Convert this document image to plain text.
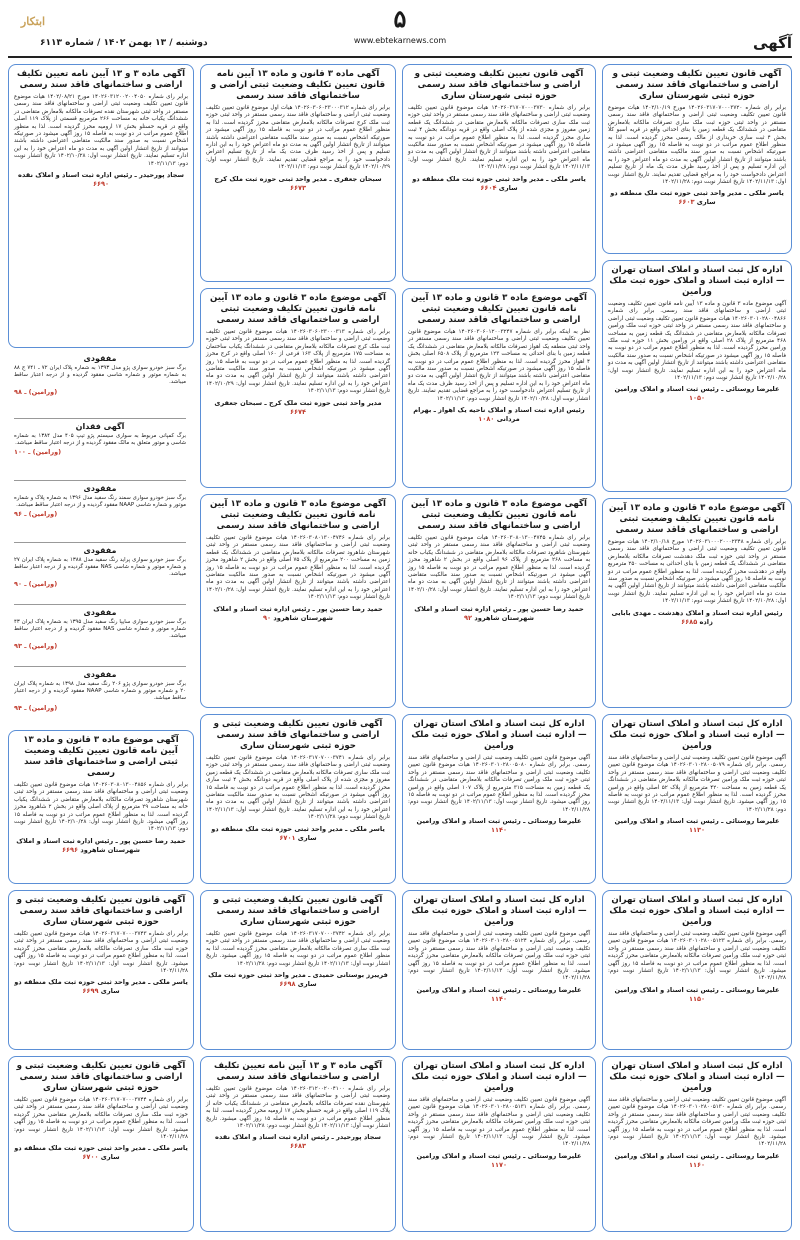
ابتکار	۵
www.ebtekarnews.com
دوشنبه / ۱۳ بهمن ۱۴۰۲ / شماره ۶۱۱۳	آگهی
آگهی قانون تعیین تکلیف وضعیت ثبتی و اراضی و ساختمانهای فاقد سند رسمی حوزه ثبتی شهرستان ساری
برابر رای شماره ۱۴۰۲۶۰۳۱۷۰۷۰۰۰۳۷۲۰ مورخ ۱۴۰۲/۱۰/۱۹ هیات موضوع قانون تعیین تکلیف وضعیت ثبتی اراضی و ساختمانهای فاقد سند رسمی مستقر در واحد ثبتی حوزه ثبت ملک ساری تصرفات مالکانه بلامعارض متقاضی در ششدانگ یک قطعه زمین با بنای احداثی واقع در قریه اسبو کلا بخش ۴ ثبت ساری خریداری از مالک رسمی محرز گردیده است. لذا به منظور اطلاع عموم مراتب در دو نوبت به فاصله ۱۵ روز آگهی میشود در صورتیکه اشخاص نسبت به صدور سند مالکیت متقاضی اعتراضی داشته باشند میتوانند از تاریخ انتشار اولین آگهی به مدت دو ماه اعتراض خود را به این اداره تسلیم و پس از اخذ رسید ظرف مدت یک ماه از تاریخ تسلیم اعتراض دادخواست خود را به مراجع قضایی تقدیم نمایند. تاریخ انتشار نوبت اول: ۱۴۰۲/۱۱/۱۳ تاریخ انتشار نوبت دوم: ۱۴۰۲/۱۱/۲۸
یاسر ملکی ـ مدیر واحد ثبتی حوزه ثبت ملک منطقه دو ساری ۶۶۰۳
آگهی قانون تعیین تکلیف وضعیت ثبتی و اراضی و ساختمانهای فاقد سند رسمی حوزه ثبتی شهرستان ساری
برابر رای شماره ۱۴۰۲۶۰۳۱۷۰۷۰۰۰۳۷۳۰ هیات موضوع قانون تعیین تکلیف وضعیت ثبتی اراضی و ساختمانهای فاقد سند رسمی مستقر در واحد ثبتی حوزه ثبت ملک ساری تصرفات مالکانه بلامعارض متقاضی در ششدانگ یک قطعه زمین مفروز و مجزی شده از پلاک اصلی واقع در قریه دودانگه بخش ۴ ثبت ساری محرز گردیده است. لذا به منظور اطلاع عموم مراتب در دو نوبت به فاصله ۱۵ روز آگهی میشود در صورتیکه اشخاص نسبت به صدور سند مالکیت متقاضی اعتراضی داشته باشند میتوانند از تاریخ انتشار اولین آگهی به مدت دو ماه اعتراض خود را به این اداره تسلیم نمایند. تاریخ انتشار نوبت اول: ۱۴۰۲/۱۱/۱۳ تاریخ انتشار نوبت دوم: ۱۴۰۲/۱۱/۲۸
یاسر ملکی ـ مدیر واحد ثبتی حوزه ثبت ملک منطقه دو ساری ۶۶۰۴
آگهی ماده ۳ قانون و ماده ۱۳ آیین نامه قانون تعیین تکلیف وضعیت ثبتی اراضی و ساختمانهای فاقد سند رسمی
برابر رای شماره ۱۴۰۲۶۰۳۰۶۰۲۳۰۰۰۳۱۲ هیات اول موضوع قانون تعیین تکلیف وضعیت ثبتی اراضی و ساختمانهای فاقد سند رسمی مستقر در واحد ثبتی حوزه ثبت ملک کرج تصرفات مالکانه بلامعارض متقاضی محرز گردیده است. لذا به منظور اطلاع عموم مراتب در دو نوبت به فاصله ۱۵ روز آگهی میشود در صورتیکه اشخاص نسبت به صدور سند مالکیت متقاضی اعتراضی داشته باشند میتوانند از تاریخ انتشار اولین آگهی به مدت دو ماه اعتراض خود را به این اداره تسلیم و پس از اخذ رسید ظرف مدت یک ماه از تاریخ تسلیم اعتراض دادخواست خود را به مراجع قضایی تقدیم نمایند. تاریخ انتشار نوبت اول: ۱۴۰۲/۱۰/۲۹ تاریخ انتشار نوبت دوم: ۱۴۰۲/۱۱/۱۳
سبحان جعفری ـ مدیر واحد ثبتی حوزه ثبت ملک کرج ۶۶۷۳
آگهی ماده ۳ و ۱۳ آیین نامه تعیین تکلیف اراضی و ساختمانهای فاقد سند رسمی
برابر رای شماره ۱۴۰۲۶۰۳۱۲۰۰۲۰۰۴۰۵۰ مورخ ۱۴۰۲/۰۸/۲۱ هیات موضوع قانون تعیین تکلیف وضعیت ثبتی اراضی و ساختمانهای فاقد سند رسمی مستقر در واحد ثبتی شهرستان نقده تصرفات مالکانه بلامعارض متقاضی در ششدانگ یکباب خانه به مساحت ۲۶۶ مترمربع قسمتی از پلاک ۱۱۹ اصلی واقع در قریه حسنلو بخش ۱۷ ارومیه محرز گردیده است. لذا به منظور اطلاع عموم مراتب در دو نوبت به فاصله ۱۵ روز آگهی میشود در صورتیکه اشخاص نسبت به صدور سند مالکیت متقاضی اعتراضی داشته باشند میتوانند از تاریخ انتشار اولین آگهی به مدت دو ماه اعتراض خود را به این اداره تسلیم نمایند. تاریخ انتشار نوبت اول: ۱۴۰۲/۱۰/۲۸ تاریخ انتشار نوبت دوم: ۱۴۰۲/۱۱/۱۳
سجاد پورحیدر ـ رئیس اداره ثبت اسناد و املاک نقده ۶۶۹۰
اداره کل ثبت اسناد و املاک استان تهران — اداره ثبت اسناد و املاک حوزه ثبت ملک ورامین
آگهی موضوع ماده ۳ قانون و ماده ۱۳ آیین نامه قانون تعیین تکلیف وضعیت ثبتی اراضی و ساختمانهای فاقد سند رسمی. برابر رای شماره ۱۴۰۲۶۰۳۰۱۰۲۸۰۰۴۸۶۶ هیات موضوع قانون تعیین تکلیف وضعیت ثبتی اراضی و ساختمانهای فاقد سند رسمی مستقر در واحد ثبتی حوزه ثبت ملک ورامین تصرفات مالکانه بلامعارض متقاضی در ششدانگ یک قطعه زمین به مساحت ۴۶۸ مترمربع از پلاک ۲۸ اصلی واقع در ورامین بخش ۱۱ حوزه ثبت ملک ورامین محرز گردیده است. لذا به منظور اطلاع عموم مراتب در دو نوبت به فاصله ۱۵ روز آگهی میشود در صورتیکه اشخاص نسبت به صدور سند مالکیت متقاضی اعتراضی داشته باشند میتوانند از تاریخ انتشار اولین آگهی به مدت دو ماه اعتراض خود را به این اداره تسلیم نمایند. تاریخ انتشار نوبت اول: ۱۴۰۲/۱۰/۲۸ تاریخ انتشار نوبت دوم: ۱۴۰۲/۱۱/۱۳
علیرضا روستائی ـ رئیس ثبت اسناد و املاک ورامین ۱۰۵۰
آگهی موضوع ماده ۳ قانون و ماده ۱۳ آیین نامه قانون تعیین تکلیف وضعیت ثبتی اراضی و ساختمانهای فاقد سند رسمی
نظر به اینکه برابر رای شماره ۱۴۰۲۶۰۳۰۶۰۱۲۰۰۳۲۴۷ هیات موضوع قانون تعیین تکلیف وضعیت ثبتی اراضی و ساختمانهای فاقد سند رسمی مستقر در واحد ثبتی منطقه یک اهواز تصرفات مالکانه بلامعارض متقاضی در ششدانگ یک قطعه زمین با بنای احداثی به مساحت ۱۲۳ مترمربع از پلاک ۶۵۰۸ اصلی بخش ۴ اهواز محرز گردیده است. لذا به منظور اطلاع عموم مراتب در دو نوبت به فاصله ۱۵ روز آگهی میشود در صورتیکه اشخاص نسبت به صدور سند مالکیت متقاضی اعتراضی داشته باشند میتوانند از تاریخ انتشار اولین آگهی به مدت دو ماه اعتراض خود را به این اداره تسلیم و پس از اخذ رسید ظرف مدت یک ماه از تاریخ تسلیم اعتراض دادخواست خود را به مراجع قضایی تقدیم نمایند. تاریخ انتشار نوبت اول: ۱۴۰۲/۱۰/۲۸ تاریخ انتشار نوبت دوم: ۱۴۰۲/۱۱/۱۳
رئیس اداره ثبت اسناد و املاک ناحیه یک اهواز ـ بهرام مردانی ۱۰۸۰
آگهی موضوع ماده ۳ قانون و ماده ۱۳ آیین نامه قانون تعیین تکلیف وضعیت ثبتی اراضی و ساختمانهای فاقد سند رسمی
برابر رای شماره ۱۴۰۲۶۰۳۰۶۰۲۳۰۰۰۳۱۳ هیات موضوع قانون تعیین تکلیف وضعیت ثبتی اراضی و ساختمانهای فاقد سند رسمی مستقر در واحد ثبتی حوزه ثبت ملک کرج تصرفات مالکانه بلامعارض متقاضی در ششدانگ یکباب ساختمان به مساحت ۱۷۵ مترمربع از پلاک ۱۶۳ فرعی از ۱۶۰ اصلی واقع در کرج محرز گردیده است. لذا به منظور اطلاع عموم مراتب در دو نوبت به فاصله ۱۵ روز آگهی میشود در صورتیکه اشخاص نسبت به صدور سند مالکیت متقاضی اعتراضی داشته باشند میتوانند از تاریخ انتشار اولین آگهی به مدت دو ماه اعتراض خود را به این اداره تسلیم نمایند. تاریخ انتشار نوبت اول: ۱۴۰۲/۱۰/۲۹ تاریخ انتشار نوبت دوم: ۱۴۰۲/۱۱/۱۳
مدیر واحد ثبتی حوزه ثبت ملک کرج ـ سبحان جعفری ۶۶۷۴
مفقودی
برگ سبز خودرو سواری پژو مدل ۱۳۹۳ به شماره پلاک ایران ۷۲ ـ ۷۴۱ ج ۸۸ به شماره موتور و شماره شاسی مفقود گردیده و از درجه اعتبار ساقط میباشد.
(ورامین) ـ ۹۸
آگهی فقدان
برگ کمپانی مربوط به سواری سیستم پژو تیپ ۴۰۵ مدل ۱۳۸۴ به شماره شاسی و موتور متعلق به مالک مفقود گردیده و از درجه اعتبار ساقط میباشد.
(ورامین) ـ ۱۰۰
مفقودی
برگ سبز خودرو سواری سمند رنگ سفید مدل ۱۳۹۶ به شماره پلاک و شماره موتور و شماره شاسی NAAP مفقود گردیده و از درجه اعتبار ساقط میباشد.
(ورامین) ـ ۹۶
مفقودی
برگ سبز خودرو سواری پراید رنگ سفید مدل ۱۳۸۸ به شماره پلاک ایران ۲۷ و شماره موتور و شماره شاسی NAS مفقود گردیده و از درجه اعتبار ساقط میباشد.
(ورامین) ـ ۹۰
مفقودی
برگ سبز خودرو سواری سایپا رنگ سفید مدل ۱۳۹۵ به شماره پلاک ایران ۴۳ شماره موتور و شماره شاسی NAS مفقود گردیده و از درجه اعتبار ساقط میباشد.
(ورامین) ـ ۹۳
مفقودی
برگ سبز خودرو سواری پژو ۲۰۶ رنگ سفید مدل ۱۳۹۸ به شماره پلاک ایران ۲۰ و شماره موتور و شماره شاسی NAAP مفقود گردیده و از درجه اعتبار ساقط میباشد.
(ورامین) ـ ۹۴
آگهی موضوع ماده ۳ قانون و ماده ۱۳ آیین نامه قانون تعیین تکلیف وضعیت ثبتی اراضی و ساختمانهای فاقد سند رسمی
برابر رای شماره ۱۴۰۲۶۰۳۱۰۰۰۲۰۰۰۲۳۴۸ مورخ ۱۴۰۲/۱۰/۱۸ هیات موضوع قانون تعیین تکلیف وضعیت ثبتی اراضی و ساختمانهای فاقد سند رسمی مستقر در واحد ثبتی حوزه ثبت ملک دهدشت تصرفات مالکانه بلامعارض متقاضی در ششدانگ یک قطعه زمین با بنای احداثی به مساحت ۲۵۰ مترمربع واقع در دهدشت محرز گردیده است. لذا به منظور اطلاع عموم مراتب در دو نوبت به فاصله ۱۵ روز آگهی میشود در صورتیکه اشخاص نسبت به صدور سند مالکیت متقاضی اعتراضی داشته باشند میتوانند از تاریخ انتشار اولین آگهی به مدت دو ماه اعتراض خود را به این اداره تسلیم نمایند. تاریخ انتشار نوبت اول: ۱۴۰۲/۱۰/۲۸ تاریخ انتشار نوبت دوم: ۱۴۰۲/۱۱/۱۳
رئیس اداره ثبت اسناد و املاک دهدشت ـ مهدی بابایی زاده ۶۶۸۵
آگهی موضوع ماده ۳ قانون و ماده ۱۳ آیین نامه قانون تعیین تکلیف وضعیت ثبتی اراضی و ساختمانهای فاقد سند رسمی
برابر رای شماره ۱۴۰۲۶۰۳۰۸۰۱۳۰۰۴۷۴۵ هیات موضوع قانون تعیین تکلیف وضعیت ثبتی اراضی و ساختمانهای فاقد سند رسمی مستقر در واحد ثبتی شهرستان شاهرود تصرفات مالکانه بلامعارض متقاضی در ششدانگ یکباب خانه به مساحت ۲۶۸ مترمربع از پلاک ۹۶ اصلی واقع در بخش ۲ شاهرود محرز گردیده است. لذا به منظور اطلاع عموم مراتب در دو نوبت به فاصله ۱۵ روز آگهی میشود در صورتیکه اشخاص نسبت به صدور سند مالکیت متقاضی اعتراضی داشته باشند میتوانند از تاریخ انتشار اولین آگهی به مدت دو ماه اعتراض خود را به این اداره تسلیم نمایند. تاریخ انتشار نوبت اول: ۱۴۰۲/۱۰/۲۸ تاریخ انتشار نوبت دوم: ۱۴۰۲/۱۱/۱۳
حمید رضا حسین پور ـ رئیس اداره ثبت اسناد و املاک شهرستان شاهرود ۹۲
آگهی موضوع ماده ۳ قانون و ماده ۱۳ آیین نامه قانون تعیین تکلیف وضعیت ثبتی اراضی و ساختمانهای فاقد سند رسمی
برابر رای شماره ۱۴۰۲۶۰۳۰۸۰۱۳۰۰۴۷۴۶ هیات موضوع قانون تعیین تکلیف وضعیت ثبتی اراضی و ساختمانهای فاقد سند رسمی مستقر در واحد ثبتی شهرستان شاهرود تصرفات مالکانه بلامعارض متقاضی در ششدانگ یک قطعه زمین به مساحت ۲۰۰ مترمربع از پلاک ۷۵ اصلی واقع در بخش ۲ شاهرود محرز گردیده است. لذا به منظور اطلاع عموم مراتب در دو نوبت به فاصله ۱۵ روز آگهی میشود در صورتیکه اشخاص نسبت به صدور سند مالکیت متقاضی اعتراضی داشته باشند میتوانند از تاریخ انتشار اولین آگهی به مدت دو ماه اعتراض خود را به این اداره تسلیم نمایند. تاریخ انتشار نوبت اول: ۱۴۰۲/۱۰/۲۸ تاریخ انتشار نوبت دوم: ۱۴۰۲/۱۱/۱۳
حمید رضا حسین پور ـ رئیس اداره ثبت اسناد و املاک شهرستان شاهرود ۹۰
اداره کل ثبت اسناد و املاک استان تهران — اداره ثبت اسناد و املاک حوزه ثبت ملک ورامین
آگهی موضوع قانون تعیین تکلیف وضعیت ثبتی اراضی و ساختمانهای فاقد سند رسمی. برابر رای شماره ۱۴۰۲۶۰۳۰۱۰۲۸۰۰۵۰۷۹ هیات موضوع قانون تعیین تکلیف وضعیت ثبتی اراضی و ساختمانهای فاقد سند رسمی مستقر در واحد ثبتی حوزه ثبت ملک ورامین تصرفات مالکانه بلامعارض متقاضی در ششدانگ یک قطعه زمین به مساحت ۴۲۰ مترمربع از پلاک ۵۲ اصلی واقع در ورامین محرز گردیده است. لذا به منظور اطلاع عموم مراتب در دو نوبت به فاصله ۱۵ روز آگهی میشود. تاریخ انتشار نوبت اول: ۱۴۰۲/۱۱/۱۳ تاریخ انتشار نوبت دوم: ۱۴۰۲/۱۱/۲۸
علیرضا روستائی ـ رئیس ثبت اسناد و املاک ورامین ۱۱۳۰
اداره کل ثبت اسناد و املاک استان تهران — اداره ثبت اسناد و املاک حوزه ثبت ملک ورامین
آگهی موضوع قانون تعیین تکلیف وضعیت ثبتی اراضی و ساختمانهای فاقد سند رسمی. برابر رای شماره ۱۴۰۲۶۰۳۰۱۰۲۸۰۰۵۰۸۰ هیات موضوع قانون تعیین تکلیف وضعیت ثبتی اراضی و ساختمانهای فاقد سند رسمی مستقر در واحد ثبتی حوزه ثبت ملک ورامین تصرفات مالکانه بلامعارض متقاضی در ششدانگ یک قطعه زمین به مساحت ۳۱۵ مترمربع از پلاک ۱۰۷ اصلی واقع در ورامین محرز گردیده است. لذا به منظور اطلاع عموم مراتب در دو نوبت به فاصله ۱۵ روز آگهی میشود. تاریخ انتشار نوبت اول: ۱۴۰۲/۱۱/۱۳ تاریخ انتشار نوبت دوم: ۱۴۰۲/۱۱/۲۸
علیرضا روستائی ـ رئیس ثبت اسناد و املاک ورامین ۱۱۴۰
آگهی قانون تعیین تکلیف وضعیت ثبتی و اراضی و ساختمانهای فاقد سند رسمی حوزه ثبتی شهرستان ساری
برابر رای شماره ۱۴۰۲۶۰۳۱۷۰۷۰۰۰۳۷۴۱ هیات موضوع قانون تعیین تکلیف وضعیت ثبتی اراضی و ساختمانهای فاقد سند رسمی مستقر در واحد ثبتی حوزه ثبت ملک ساری تصرفات مالکانه بلامعارض متقاضی در ششدانگ یک قطعه زمین مفروز و مجزی شده از پلاک اصلی واقع در قریه دودانگه بخش ۴ ثبت ساری محرز گردیده است. لذا به منظور اطلاع عموم مراتب در دو نوبت به فاصله ۱۵ روز آگهی میشود در صورتیکه اشخاص نسبت به صدور سند مالکیت متقاضی اعتراضی داشته باشند میتوانند از تاریخ انتشار اولین آگهی به مدت دو ماه اعتراض خود را به این اداره تسلیم نمایند. تاریخ انتشار نوبت اول: ۱۴۰۲/۱۱/۱۳ تاریخ انتشار نوبت دوم: ۱۴۰۲/۱۱/۲۸
یاسر ملکی ـ مدیر واحد ثبتی حوزه ثبت ملک منطقه دو ساری ۶۷۰۱
آگهی موضوع ماده ۳ قانون و ماده ۱۳ آیین نامه قانون تعیین تکلیف وضعیت ثبتی اراضی و ساختمانهای فاقد سند رسمی
برابر رای شماره ۱۴۰۲۶۰۳۰۸۰۱۳۰۰۴۸۵۶ هیات موضوع قانون تعیین تکلیف وضعیت ثبتی اراضی و ساختمانهای فاقد سند رسمی مستقر در واحد ثبتی شهرستان شاهرود تصرفات مالکانه بلامعارض متقاضی در ششدانگ یکباب خانه به مساحت ۲۹ مترمربع از پلاک اصلی واقع در بخش ۲ شاهرود محرز گردیده است. لذا به منظور اطلاع عموم مراتب در دو نوبت به فاصله ۱۵ روز آگهی میشود. تاریخ انتشار نوبت اول: ۱۴۰۲/۱۰/۲۸ تاریخ انتشار نوبت دوم: ۱۴۰۲/۱۱/۱۳
حمید رضا حسین پور ـ رئیس اداره ثبت اسناد و املاک شهرستان شاهرود ۶۶۹۶
اداره کل ثبت اسناد و املاک استان تهران — اداره ثبت اسناد و املاک حوزه ثبت ملک ورامین
آگهی موضوع قانون تعیین تکلیف وضعیت ثبتی اراضی و ساختمانهای فاقد سند رسمی. برابر رای شماره ۱۴۰۲۶۰۳۰۱۰۲۸۰۰۵۱۲۳ هیات موضوع قانون تعیین تکلیف وضعیت ثبتی اراضی و ساختمانهای فاقد سند رسمی مستقر در واحد ثبتی حوزه ثبت ملک ورامین تصرفات مالکانه بلامعارض متقاضی محرز گردیده است. لذا به منظور اطلاع عموم مراتب در دو نوبت به فاصله ۱۵ روز آگهی میشود. تاریخ انتشار نوبت اول: ۱۴۰۲/۱۱/۱۳ تاریخ انتشار نوبت دوم: ۱۴۰۲/۱۱/۲۸
علیرضا روستائی ـ رئیس ثبت اسناد و املاک ورامین ۱۱۵۰
اداره کل ثبت اسناد و املاک استان تهران — اداره ثبت اسناد و املاک حوزه ثبت ملک ورامین
آگهی موضوع قانون تعیین تکلیف وضعیت ثبتی اراضی و ساختمانهای فاقد سند رسمی. برابر رای شماره ۱۴۰۲۶۰۳۰۱۰۲۸۰۰۵۱۲۴ هیات موضوع قانون تعیین تکلیف وضعیت ثبتی اراضی و ساختمانهای فاقد سند رسمی مستقر در واحد ثبتی حوزه ثبت ملک ورامین تصرفات مالکانه بلامعارض متقاضی محرز گردیده است. لذا به منظور اطلاع عموم مراتب در دو نوبت به فاصله ۱۵ روز آگهی میشود. تاریخ انتشار نوبت اول: ۱۴۰۲/۱۱/۱۳ تاریخ انتشار نوبت دوم: ۱۴۰۲/۱۱/۲۸
علیرضا روستائی ـ رئیس ثبت اسناد و املاک ورامین ۱۱۴۰
آگهی قانون تعیین تکلیف وضعیت ثبتی و اراضی و ساختمانهای فاقد سند رسمی حوزه ثبتی شهرستان ساری
برابر رای شماره ۱۴۰۲۶۰۳۱۷۰۷۰۰۰۳۷۴۲ هیات موضوع قانون تعیین تکلیف وضعیت ثبتی اراضی و ساختمانهای فاقد سند رسمی مستقر در واحد ثبتی حوزه ثبت ملک ساری تصرفات مالکانه بلامعارض متقاضی محرز گردیده است. لذا به منظور اطلاع عموم مراتب در دو نوبت به فاصله ۱۵ روز آگهی میشود. تاریخ انتشار نوبت اول: ۱۴۰۲/۱۱/۱۳ تاریخ انتشار نوبت دوم: ۱۴۰۲/۱۱/۲۸
فریبرز بوستانی حمیدی ـ مدیر واحد ثبتی حوزه ثبت ملک ساری ۶۶۹۸
آگهی قانون تعیین تکلیف وضعیت ثبتی و اراضی و ساختمانهای فاقد سند رسمی حوزه ثبتی شهرستان ساری
برابر رای شماره ۱۴۰۲۶۰۳۱۷۰۷۰۰۰۳۷۴۳ هیات موضوع قانون تعیین تکلیف وضعیت ثبتی اراضی و ساختمانهای فاقد سند رسمی مستقر در واحد ثبتی حوزه ثبت ملک ساری تصرفات مالکانه بلامعارض متقاضی محرز گردیده است. لذا به منظور اطلاع عموم مراتب در دو نوبت به فاصله ۱۵ روز آگهی میشود. تاریخ انتشار نوبت اول: ۱۴۰۲/۱۱/۱۳ تاریخ انتشار نوبت دوم: ۱۴۰۲/۱۱/۲۸
یاسر ملکی ـ مدیر واحد ثبتی حوزه ثبت ملک منطقه دو ساری ۶۶۹۹
اداره کل ثبت اسناد و املاک استان تهران — اداره ثبت اسناد و املاک حوزه ثبت ملک ورامین
آگهی موضوع قانون تعیین تکلیف وضعیت ثبتی اراضی و ساختمانهای فاقد سند رسمی. برابر رای شماره ۱۴۰۲۶۰۳۰۱۰۲۸۰۰۵۱۳۰ هیات موضوع قانون تعیین تکلیف وضعیت ثبتی اراضی و ساختمانهای فاقد سند رسمی مستقر در واحد ثبتی حوزه ثبت ملک ورامین تصرفات مالکانه بلامعارض متقاضی محرز گردیده است. لذا به منظور اطلاع عموم مراتب در دو نوبت به فاصله ۱۵ روز آگهی میشود. تاریخ انتشار نوبت اول: ۱۴۰۲/۱۱/۱۳ تاریخ انتشار نوبت دوم: ۱۴۰۲/۱۱/۲۸
علیرضا روستائی ـ رئیس ثبت اسناد و املاک ورامین ۱۱۶۰
اداره کل ثبت اسناد و املاک استان تهران — اداره ثبت اسناد و املاک حوزه ثبت ملک ورامین
آگهی موضوع قانون تعیین تکلیف وضعیت ثبتی اراضی و ساختمانهای فاقد سند رسمی. برابر رای شماره ۱۴۰۲۶۰۳۰۱۰۲۸۰۰۵۱۳۱ هیات موضوع قانون تعیین تکلیف وضعیت ثبتی اراضی و ساختمانهای فاقد سند رسمی مستقر در واحد ثبتی حوزه ثبت ملک ورامین تصرفات مالکانه بلامعارض متقاضی محرز گردیده است. لذا به منظور اطلاع عموم مراتب در دو نوبت به فاصله ۱۵ روز آگهی میشود. تاریخ انتشار نوبت اول: ۱۴۰۲/۱۱/۱۳ تاریخ انتشار نوبت دوم: ۱۴۰۲/۱۱/۲۸
علیرضا روستائی ـ رئیس ثبت اسناد و املاک ورامین ۱۱۷۰
آگهی ماده ۳ و ۱۳ آیین نامه تعیین تکلیف اراضی و ساختمانهای فاقد سند رسمی
برابر رای شماره ۱۴۰۲۶۰۳۱۲۰۰۲۰۰۴۱۰۰ هیات موضوع قانون تعیین تکلیف وضعیت ثبتی اراضی و ساختمانهای فاقد سند رسمی مستقر در واحد ثبتی شهرستان نقده تصرفات مالکانه بلامعارض متقاضی در ششدانگ یکباب خانه از پلاک ۱۱۹ اصلی واقع در قریه حسنلو بخش ۱۷ ارومیه محرز گردیده است. لذا به منظور اطلاع عموم مراتب در دو نوبت به فاصله ۱۵ روز آگهی میشود. تاریخ انتشار نوبت اول: ۱۴۰۲/۱۱/۱۳ تاریخ انتشار نوبت دوم: ۱۴۰۲/۱۱/۲۸
سجاد پورحیدر ـ رئیس اداره ثبت اسناد و املاک نقده ۶۶۸۳
آگهی قانون تعیین تکلیف وضعیت ثبتی و اراضی و ساختمانهای فاقد سند رسمی حوزه ثبتی شهرستان ساری
برابر رای شماره ۱۴۰۲۶۰۳۱۷۰۷۰۰۰۳۷۴۴ هیات موضوع قانون تعیین تکلیف وضعیت ثبتی اراضی و ساختمانهای فاقد سند رسمی مستقر در واحد ثبتی حوزه ثبت ملک ساری تصرفات مالکانه بلامعارض متقاضی محرز گردیده است. لذا به منظور اطلاع عموم مراتب در دو نوبت به فاصله ۱۵ روز آگهی میشود. تاریخ انتشار نوبت اول: ۱۴۰۲/۱۱/۱۳ تاریخ انتشار نوبت دوم: ۱۴۰۲/۱۱/۲۸
یاسر ملکی ـ مدیر واحد ثبتی حوزه ثبت ملک منطقه دو ساری ۶۷۰۰
